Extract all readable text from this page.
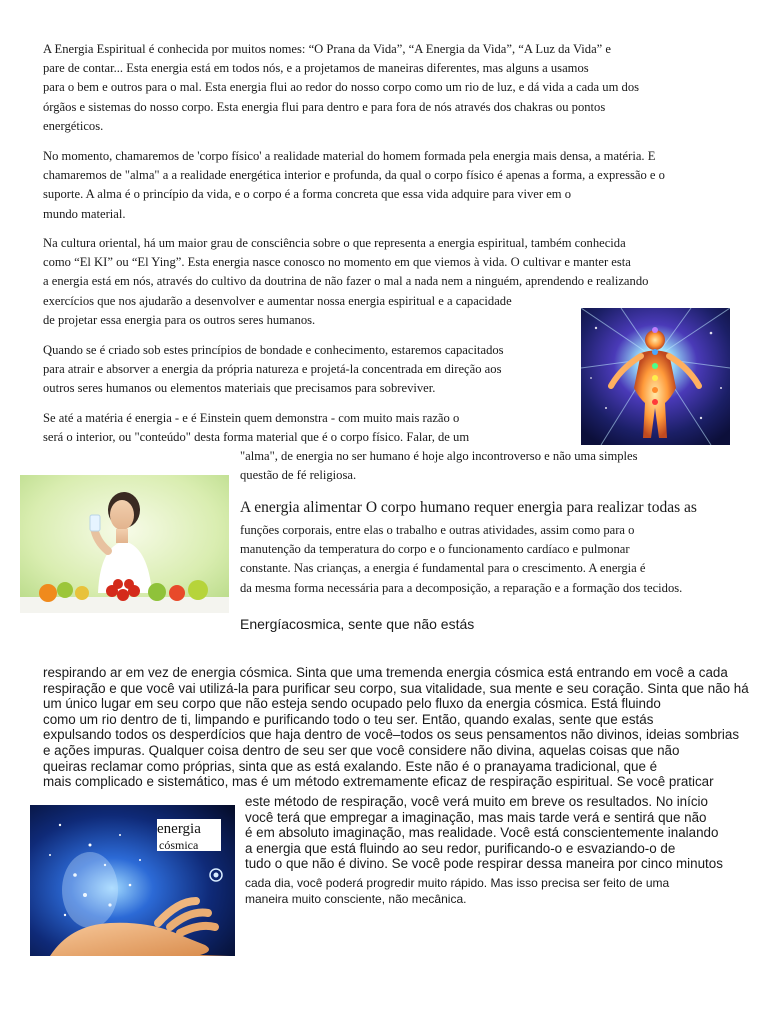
A Energia Espiritual é conhecida por muitos nomes: “O Prana da Vida”, “A Energia da Vida”, “A Luz da Vida” e
pare de contar... Esta energia está em todos nós, e a projetamos de maneiras diferentes, mas alguns a usamos
para o bem e outros para o mal. Esta energia flui ao redor do nosso corpo como um rio de luz, e dá vida a cada um dos
órgãos e sistemas do nosso corpo. Esta energia flui para dentro e para fora de nós através dos chakras ou pontos
energéticos.
No momento, chamaremos de 'corpo físico' a realidade material do homem formada pela energia mais densa, a matéria. E
chamaremos de "alma" a a realidade energética interior e profunda, da qual o corpo físico é apenas a forma, a expressão e o
suporte. A alma é o princípio da vida, e o corpo é a forma concreta que essa vida adquire para viver em o
mundo material.
Na cultura oriental, há um maior grau de consciência sobre o que representa a energia espiritual, também conhecida
como “El KI” ou “El Ying”. Esta energia nasce conosco no momento em que viemos à vida. O cultivar e manter esta
a energia está em nós, através do cultivo da doutrina de não fazer o mal a nada nem a ninguém, aprendendo e realizando
exercícios que nos ajudarão a desenvolver e aumentar nossa energia espiritual e a capacidade
de projetar essa energia para os outros seres humanos.
Quando se é criado sob estes princípios de bondade e conhecimento, estaremos capacitados
para atrair e absorver a energia da própria natureza e projetá-la concentrada em direção aos
outros seres humanos ou elementos materiais que precisamos para sobreviver.
Se até a matéria é energia - e é Einstein quem demonstra - com muito mais razão o
será o interior, ou "conteúdo" desta forma material que é o corpo físico. Falar, de um
"alma", de energia no ser humano é hoje algo incontroverso e não uma simples
questão de fé religiosa.
A energia alimentar O corpo humano requer energia para realizar todas as
funções corporais, entre elas o trabalho e outras atividades, assim como para o
manutenção da temperatura do corpo e o funcionamento cardíaco e pulmonar
constante. Nas crianças, a energia é fundamental para o crescimento. A energia é
da mesma forma necessária para a decomposição, a reparação e a formação dos tecidos.
Energíacosmica, sente que não estás
respirando ar em vez de energia cósmica. Sinta que uma tremenda energia cósmica está entrando em você a cada
respiração e que você vai utilizá-la para purificar seu corpo, sua vitalidade, sua mente e seu coração. Sinta que não há
um único lugar em seu corpo que não esteja sendo ocupado pelo fluxo da energia cósmica. Está fluindo
como um rio dentro de ti, limpando e purificando todo o teu ser. Então, quando exalas, sente que estás
expulsando todos os desperdícios que haja dentro de você–todos os seus pensamentos não divinos, ideias sombrias
e ações impuras. Qualquer coisa dentro de seu ser que você considere não divina, aquelas coisas que não
queiras reclamar como próprias, sinta que as está exalando. Este não é o pranayama tradicional, que é
mais complicado e sistemático, mas é um método extremamente eficaz de respiração espiritual. Se você praticar
energia
cósmica
este método de respiração, você verá muito em breve os resultados. No início
você terá que empregar a imaginação, mas mais tarde verá e sentirá que não
é em absoluto imaginação, mas realidade. Você está conscientemente inalando
a energia que está fluindo ao seu redor, purificando-o e esvaziando-o de
tudo o que não é divino. Se você pode respirar dessa maneira por cinco minutos
cada dia, você poderá progredir muito rápido. Mas isso precisa ser feito de uma
maneira muito consciente, não mecânica.
